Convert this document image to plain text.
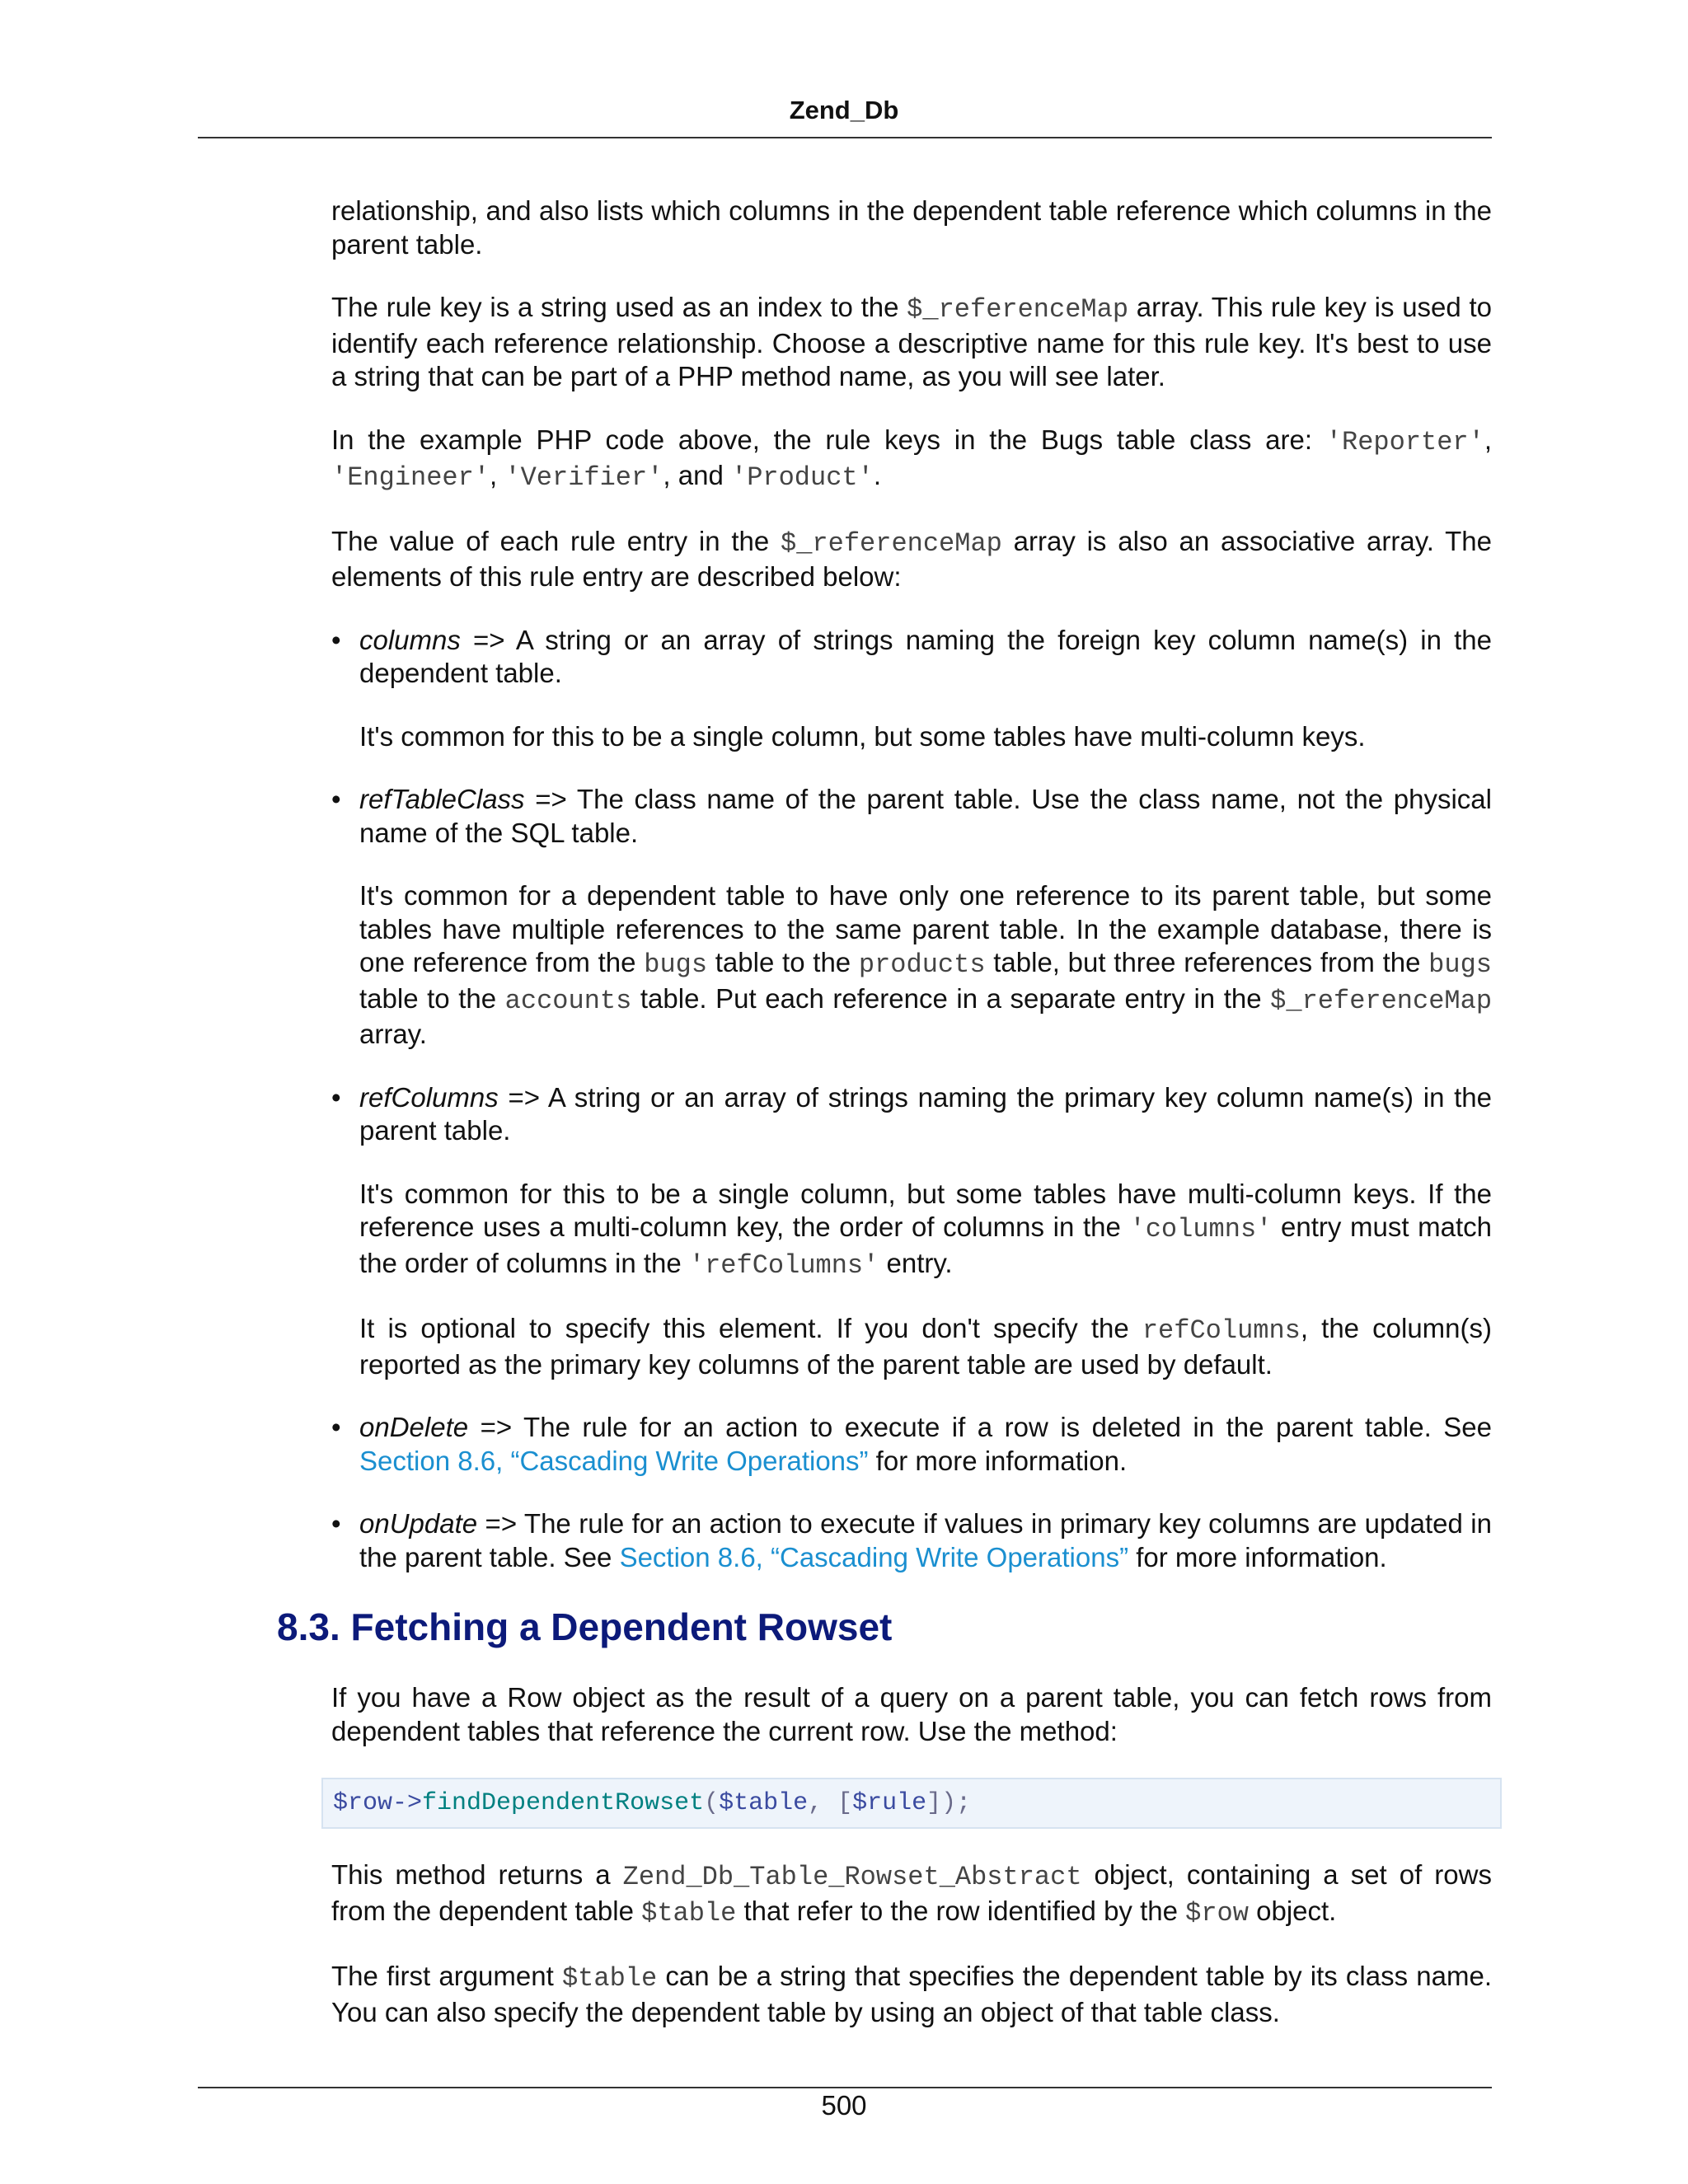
Zend_Db

relationship, and also lists which columns in the dependent table reference which columns in the parent table.

The rule key is a string used as an index to the $_referenceMap array. This rule key is used to identify each reference relationship. Choose a descriptive name for this rule key. It's best to use a string that can be part of a PHP method name, as you will see later.

In the example PHP code above, the rule keys in the Bugs table class are: 'Reporter', 'Engineer', 'Verifier', and 'Product'.

The value of each rule entry in the $_referenceMap array is also an associative array. The elements of this rule entry are described below:

• columns => A string or an array of strings naming the foreign key column name(s) in the dependent table.

It's common for this to be a single column, but some tables have multi-column keys.

• refTableClass => The class name of the parent table. Use the class name, not the physical name of the SQL table.

It's common for a dependent table to have only one reference to its parent table, but some tables have multiple references to the same parent table. In the example database, there is one reference from the bugs table to the products table, but three references from the bugs table to the accounts table. Put each reference in a separate entry in the $_referenceMap array.

• refColumns => A string or an array of strings naming the primary key column name(s) in the parent table.

It's common for this to be a single column, but some tables have multi-column keys. If the reference uses a multi-column key, the order of columns in the 'columns' entry must match the order of columns in the 'refColumns' entry.

It is optional to specify this element. If you don't specify the refColumns, the column(s) reported as the primary key columns of the parent table are used by default.

• onDelete => The rule for an action to execute if a row is deleted in the parent table. See Section 8.6, “Cascading Write Operations” for more information.

• onUpdate => The rule for an action to execute if values in primary key columns are updated in the parent table. See Section 8.6, “Cascading Write Operations” for more information.

8.3. Fetching a Dependent Rowset

If you have a Row object as the result of a query on a parent table, you can fetch rows from dependent tables that reference the current row. Use the method:

$row->findDependentRowset($table, [$rule]);

This method returns a Zend_Db_Table_Rowset_Abstract object, containing a set of rows from the dependent table $table that refer to the row identified by the $row object.

The first argument $table can be a string that specifies the dependent table by its class name. You can also specify the dependent table by using an object of that table class.

500
